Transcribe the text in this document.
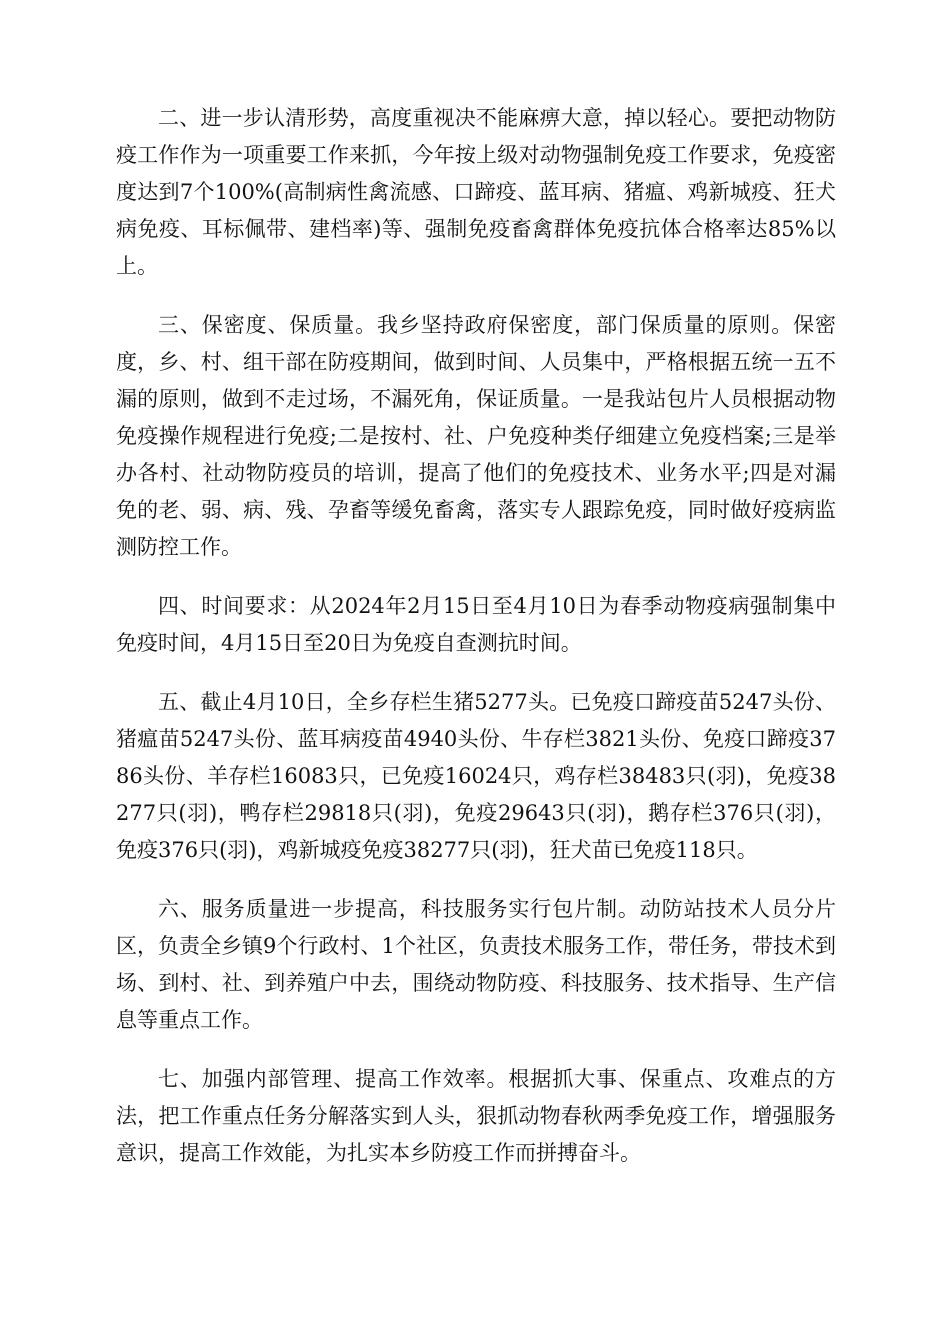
二、进一步认清形势，高度重视决不能麻痹大意，掉以轻心。要把动物防疫工作作为一项重要工作来抓，今年按上级对动物强制免疫工作要求，免疫密度达到7个100%(高制病性禽流感、口蹄疫、蓝耳病、猪瘟、鸡新城疫、狂犬病免疫、耳标佩带、建档率)等、强制免疫畜禽群体免疫抗体合格率达85%以上。

三、保密度、保质量。我乡坚持政府保密度，部门保质量的原则。保密度，乡、村、组干部在防疫期间，做到时间、人员集中，严格根据五统一五不漏的原则，做到不走过场，不漏死角，保证质量。一是我站包片人员根据动物免疫操作规程进行免疫;二是按村、社、户免疫种类仔细建立免疫档案;三是举办各村、社动物防疫员的培训，提高了他们的免疫技术、业务水平;四是对漏免的老、弱、病、残、孕畜等缓免畜禽，落实专人跟踪免疫，同时做好疫病监测防控工作。

四、时间要求：从2024年2月15日至4月10日为春季动物疫病强制集中免疫时间，4月15日至20日为免疫自查测抗时间。

五、截止4月10日，全乡存栏生猪5277头。已免疫口蹄疫苗5247头份、猪瘟苗5247头份、蓝耳病疫苗4940头份、牛存栏3821头份、免疫口蹄疫3786头份、羊存栏16083只，已免疫16024只，鸡存栏38483只(羽)，免疫38277只(羽)，鸭存栏29818只(羽)，免疫29643只(羽)，鹅存栏376只(羽)，免疫376只(羽)，鸡新城疫免疫38277只(羽)，狂犬苗已免疫118只。

六、服务质量进一步提高，科技服务实行包片制。动防站技术人员分片区，负责全乡镇9个行政村、1个社区，负责技术服务工作，带任务，带技术到场、到村、社、到养殖户中去，围绕动物防疫、科技服务、技术指导、生产信息等重点工作。

七、加强内部管理、提高工作效率。根据抓大事、保重点、攻难点的方法，把工作重点任务分解落实到人头，狠抓动物春秋两季免疫工作，增强服务意识，提高工作效能，为扎实本乡防疫工作而拼搏奋斗。
